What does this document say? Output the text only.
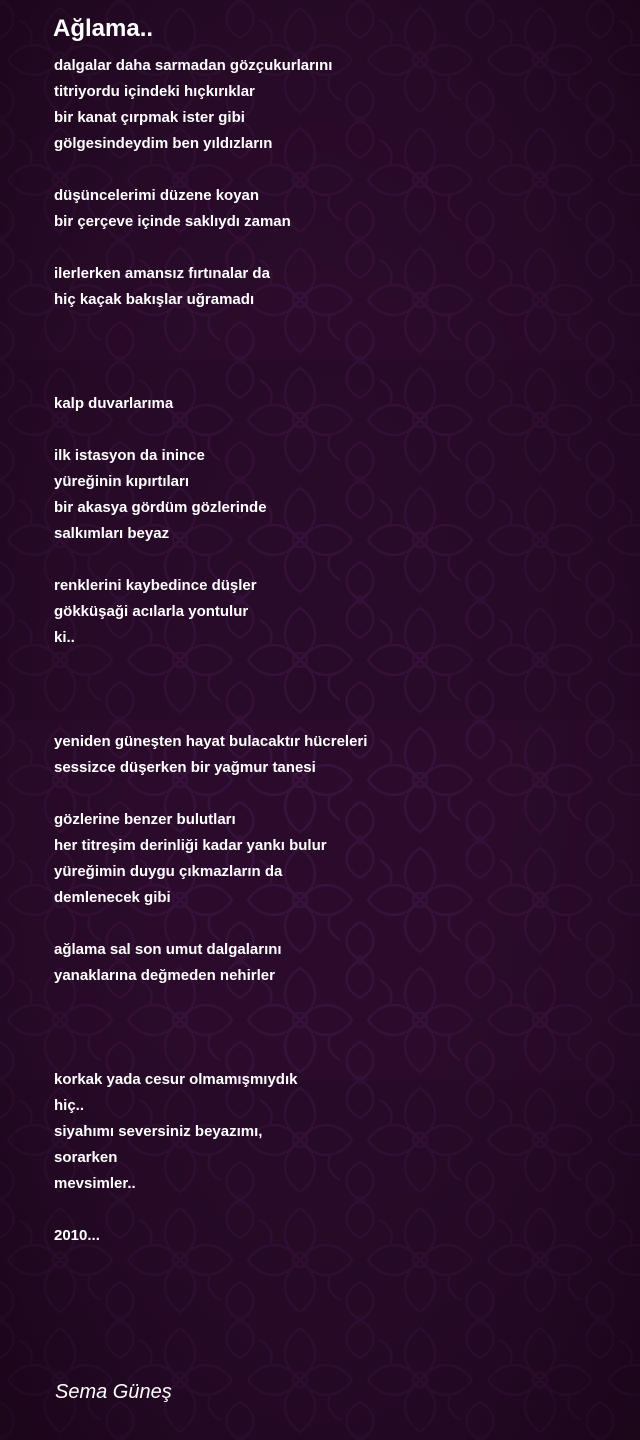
Ağlama..
dalgalar daha sarmadan gözçukurlarını
titriyordu içindeki hıçkırıklar
bir kanat çırpmak ister gibi
gölgesindeydim ben yıldızların
düşüncelerimi düzene koyan
bir çerçeve içinde saklıydı zaman
ilerlerken amansız fırtınalar da
hiç kaçak bakışlar uğramadı
kalp duvarlarıma
ilk istasyon da inince
yüreğinin kıpırtıları
bir akasya gördüm gözlerinde
salkımları beyaz
renklerini kaybedince düşler
gökküşaği acılarla yontulur
ki..
yeniden güneşten hayat bulacaktır hücreleri
sessizce düşerken bir yağmur tanesi
gözlerine benzer bulutları
her titreşim derinliği kadar yankı bulur
yüreğimin duygu çıkmazların da
demlenecek gibi
ağlama sal son umut dalgalarını
yanaklarına değmeden nehirler
korkak yada cesur olmamışmıydık
hiç..
siyahımı seversiniz beyazımı,
sorarken
mevsimler..
2010...
Sema Güneş
